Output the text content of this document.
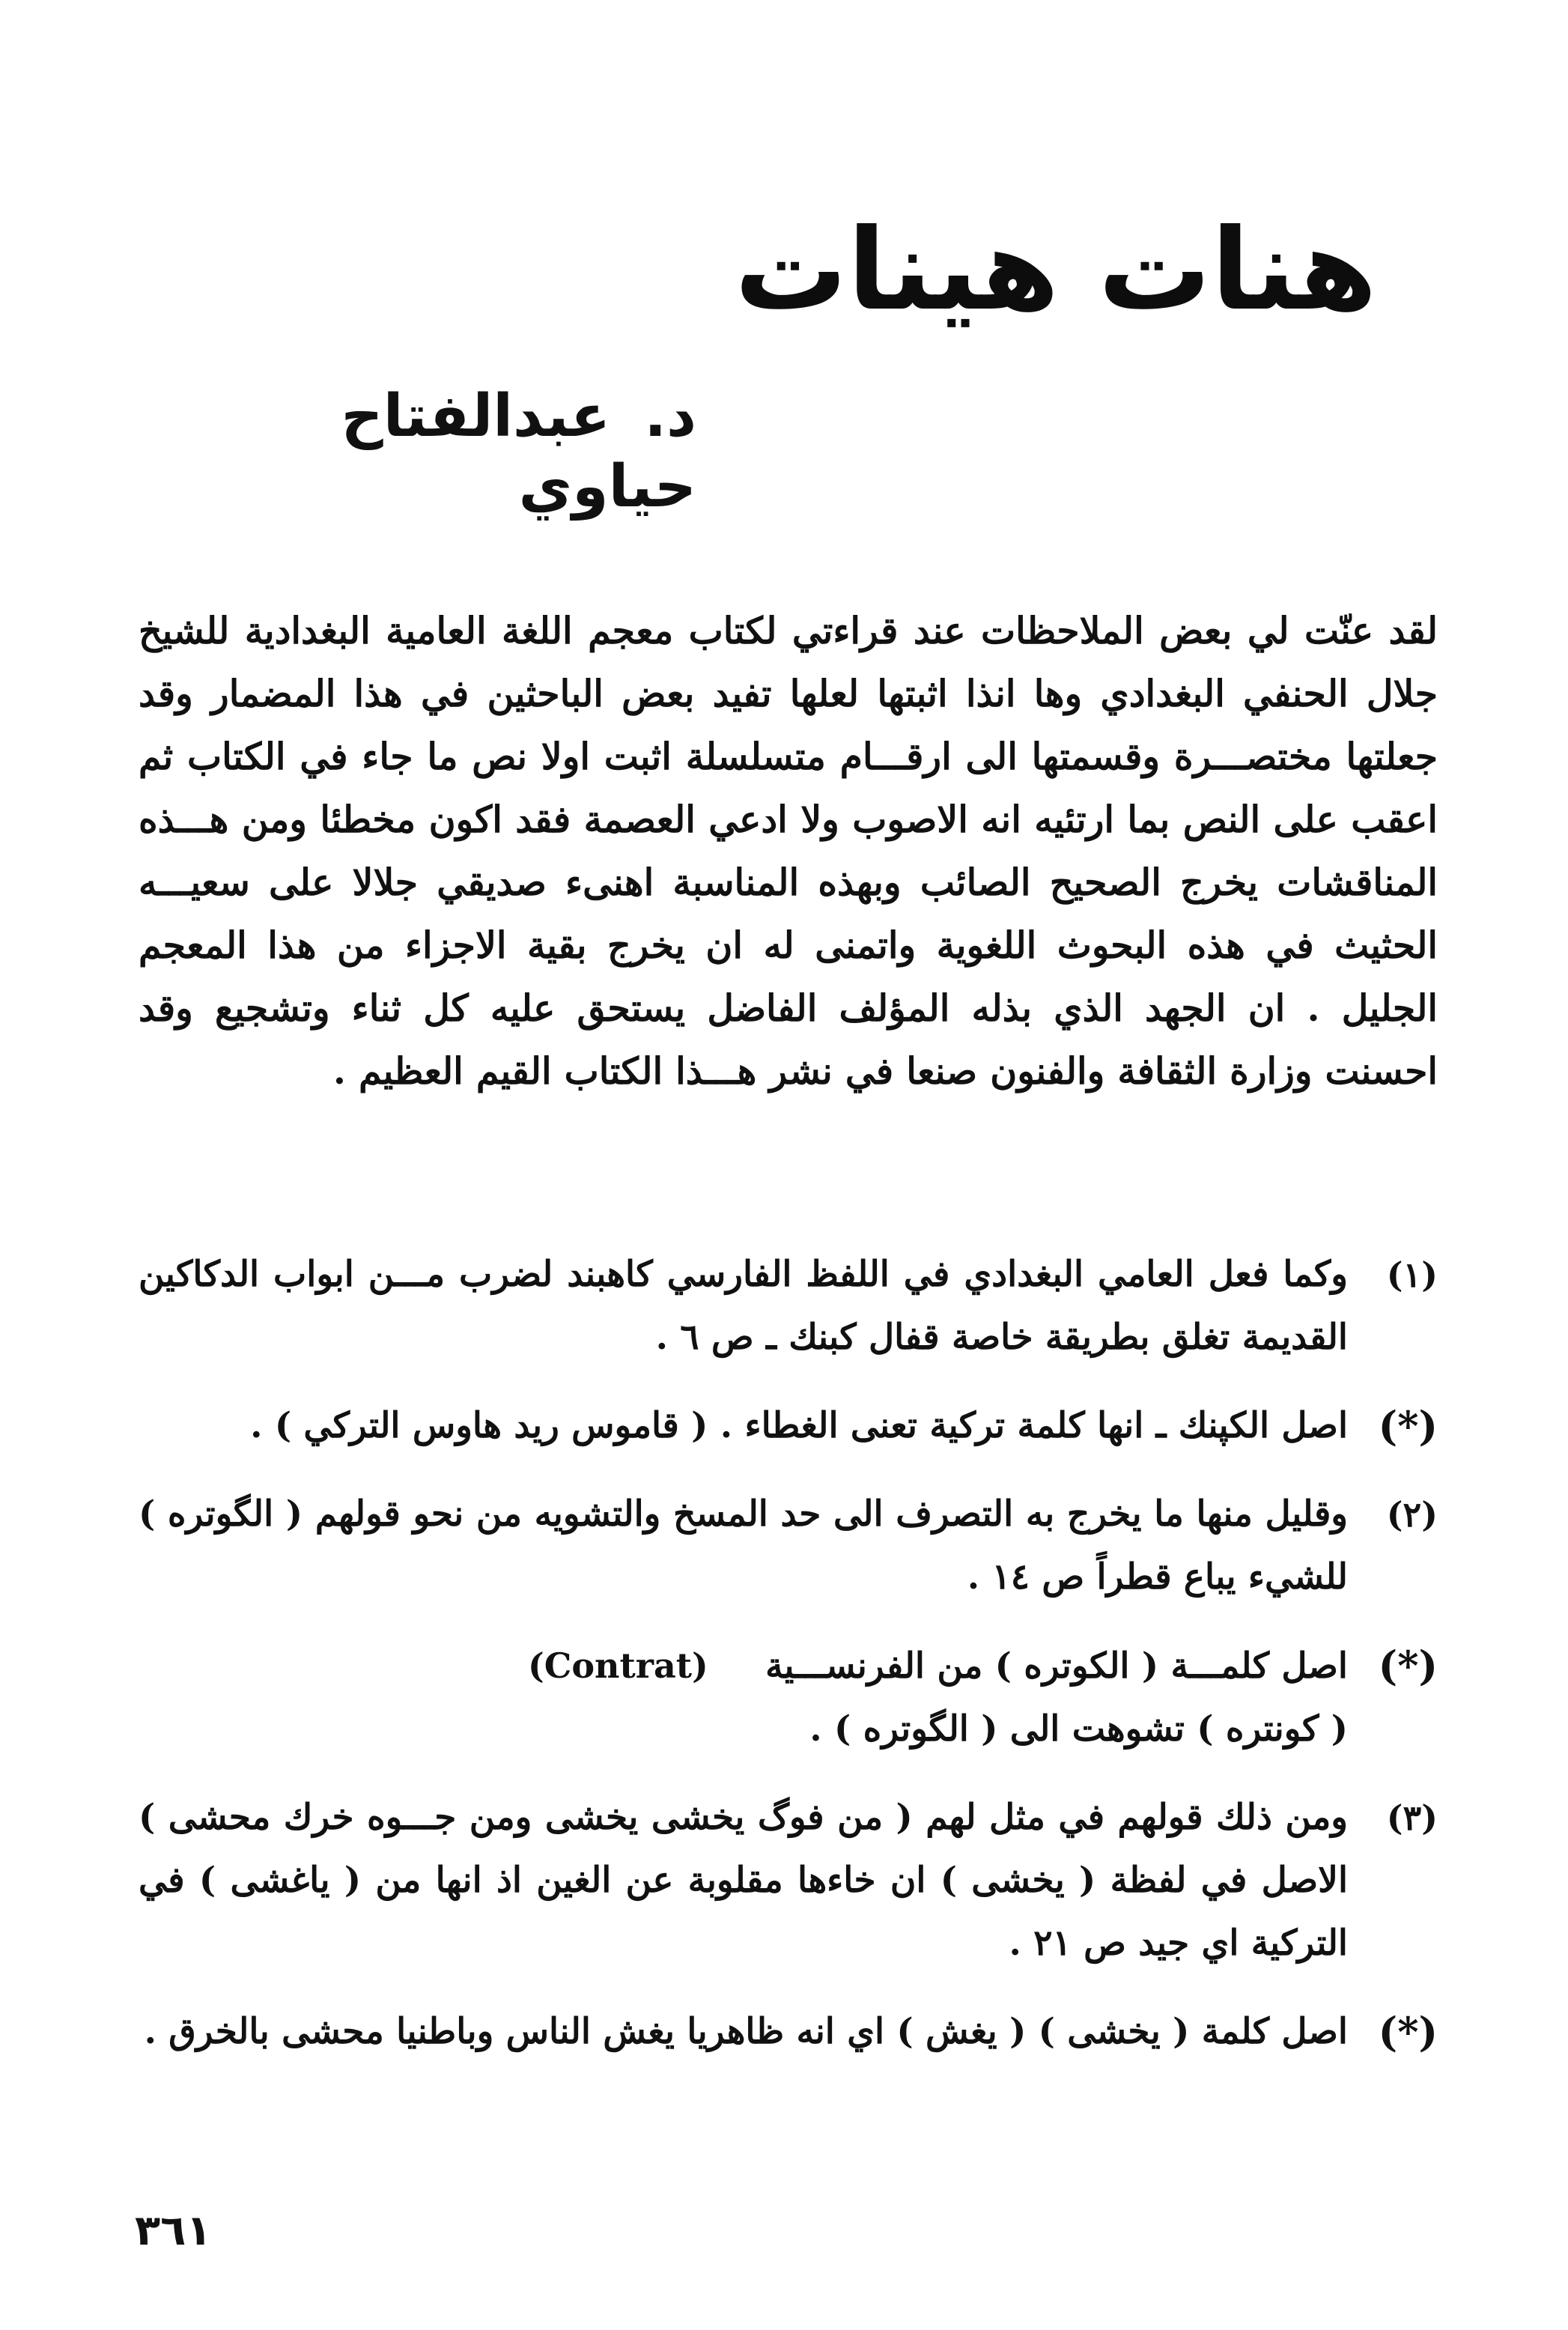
هنات هينات
د. عبدالفتاح حياوي

لقد عنّت لي بعض الملاحظات عند قراءتي لكتاب معجم اللغة العامية البغدادية للشيخ جلال الحنفي البغدادي وها انذا اثبتها لعلها تفيد بعض الباحثين في هذا المضمار وقد جعلتها مختصـــرة وقسمتها الى ارقـــام متسلسلة اثبت اولا نص ما جاء في الكتاب ثم اعقب على النص بما ارتئيه انه الاصوب ولا ادعي العصمة فقد اكون مخطئا ومن هـــذه المناقشات يخرج الصحيح الصائب وبهذه المناسبة اهنىء صديقي جلالا على سعيـــه الحثيث في هذه البحوث اللغوية واتمنى له ان يخرج بقية الاجزاء من هذا المعجم الجليل . ان الجهد الذي بذله المؤلف الفاضل يستحق عليه كل ثناء وتشجيع وقد احسنت وزارة الثقافة والفنون صنعا في نشر هـــذا الكتاب القيم العظيم .

(١)
وكما فعل العامي البغدادي في اللفظ الفارسي كاهبند لضرب مـــن ابواب الدكاكين القديمة تغلق بطريقة خاصة قفال كبنك ـ ص ٦ .
(*)
اصل الكپنك ـ انها كلمة تركية تعنى الغطاء . ( قاموس ريد هاوس التركي ) .
(٢)
وقليل منها ما يخرج به التصرف الى حد المسخ والتشويه من نحو قولهم ( الگوتره ) للشيء يباع قطراً ص ١٤ .
(*)
اصل كلمـــة ( الكوتره ) من الفرنســـية (Contrat)
( كونتره ) تشوهت الى ( الگوتره ) .
(٣)
ومن ذلك قولهم في مثل لهم ( من فوگ يخشى يخشى ومن جـــوه خرك محشى ) الاصل في لفظة ( يخشى ) ان خاءها مقلوبة عن الغين اذ انها من ( ياغشى ) في التركية اي جيد ص ٢١ .
(*)
اصل كلمة ( يخشى ) ( يغش ) اي انه ظاهريا يغش الناس وباطنيا محشى بالخرق .
٣٦١
